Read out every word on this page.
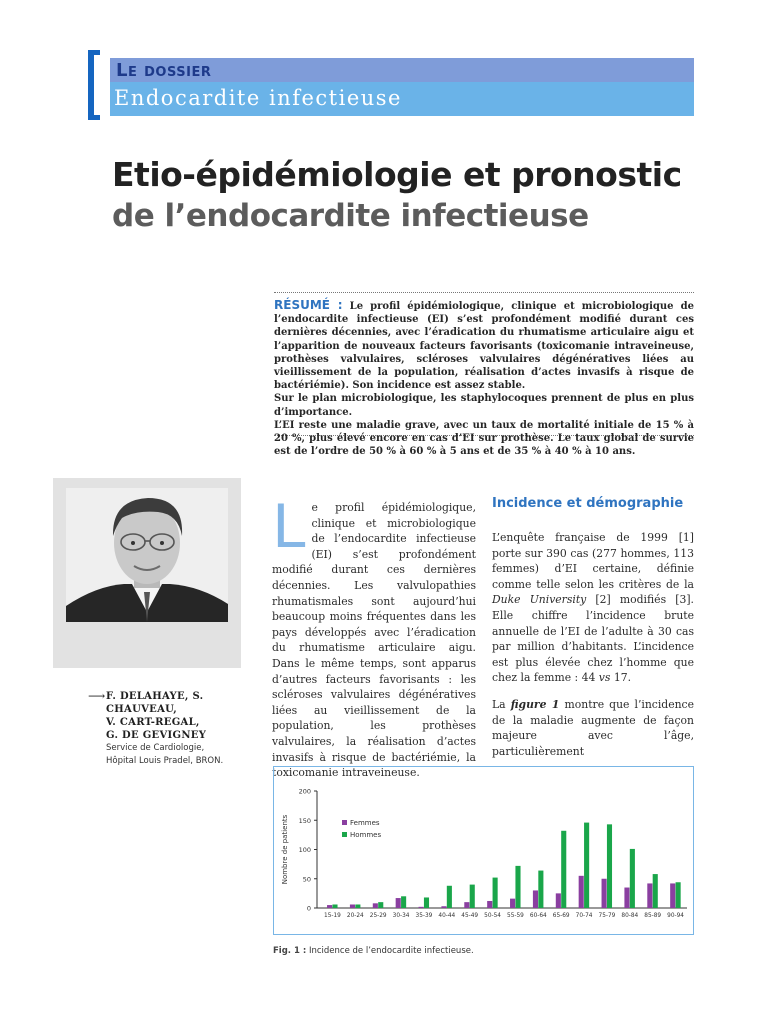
Le dossier
Endocardite infectieuse
Etio-épidémiologie et pronostic
de l’endocardite infectieuse

RÉSUMÉ : Le profil épidémiologique, clinique et microbiologique de l’endocardite infectieuse (EI) s’est profondément modifié durant ces dernières décennies, avec l’éradication du rhumatisme articulaire aigu et l’apparition de nouveaux facteurs favorisants (toxicomanie intraveineuse, prothèses valvulaires, scléroses valvulaires dégénératives liées au vieillissement de la population, réalisation d’actes invasifs à risque de bactériémie). Son incidence est assez stable.

Sur le plan microbiologique, les staphylocoques prennent de plus en plus d’importance.

L’EI reste une maladie grave, avec un taux de mortalité initiale de 15 % à 20 %, plus élevé encore en cas d’EI sur prothèse. Le taux global de survie est de l’ordre de 50 % à 60 % à 5 ans et de 35 % à 40 % à 10 ans.

⟶ F. DELAHAYE, S. CHAUVEAU,
V. CART-REGAL,
G. DE GEVIGNEY
Service de Cardiologie,
Hôpital Louis Pradel, BRON.
L e profil épidémiologique, clinique et microbiologique de l’endocardite infectieuse (EI) s’est profondément modifié durant ces dernières décennies. Les valvulopathies rhumatismales sont aujourd’hui beaucoup moins fréquentes dans les pays développés avec l’éradication du rhumatisme articulaire aigu. Dans le même temps, sont apparus d’autres facteurs favorisants : les scléroses valvulaires dégénératives liées au vieillissement de la population, les prothèses valvulaires, la réalisation d’actes invasifs à risque de bactériémie, la toxicomanie intraveineuse.

Incidence et démographie

L’enquête française de 1999 [1] porte sur 390 cas (277 hommes, 113 femmes) d’EI certaine, définie comme telle selon les critères de la Duke University [2] modifiés [3]. Elle chiffre l’incidence brute annuelle de l’EI de l’adulte à 30 cas par million d’habitants. L’incidence est plus élevée chez l’homme que chez la femme : 44 vs 17.

La figure 1 montre que l’incidence de la maladie augmente de façon majeure avec l’âge, particulièrement

0
50
100
150
200
Nombre de patients
15-19 20-24 25-29 30-34 35-39 40-44 45-49 50-54 55-59 60-64 65-69 70-74 75-79 80-84 85-89 90-94
Femmes
Hommes
Fig. 1 : Incidence de l’endocardite infectieuse.
